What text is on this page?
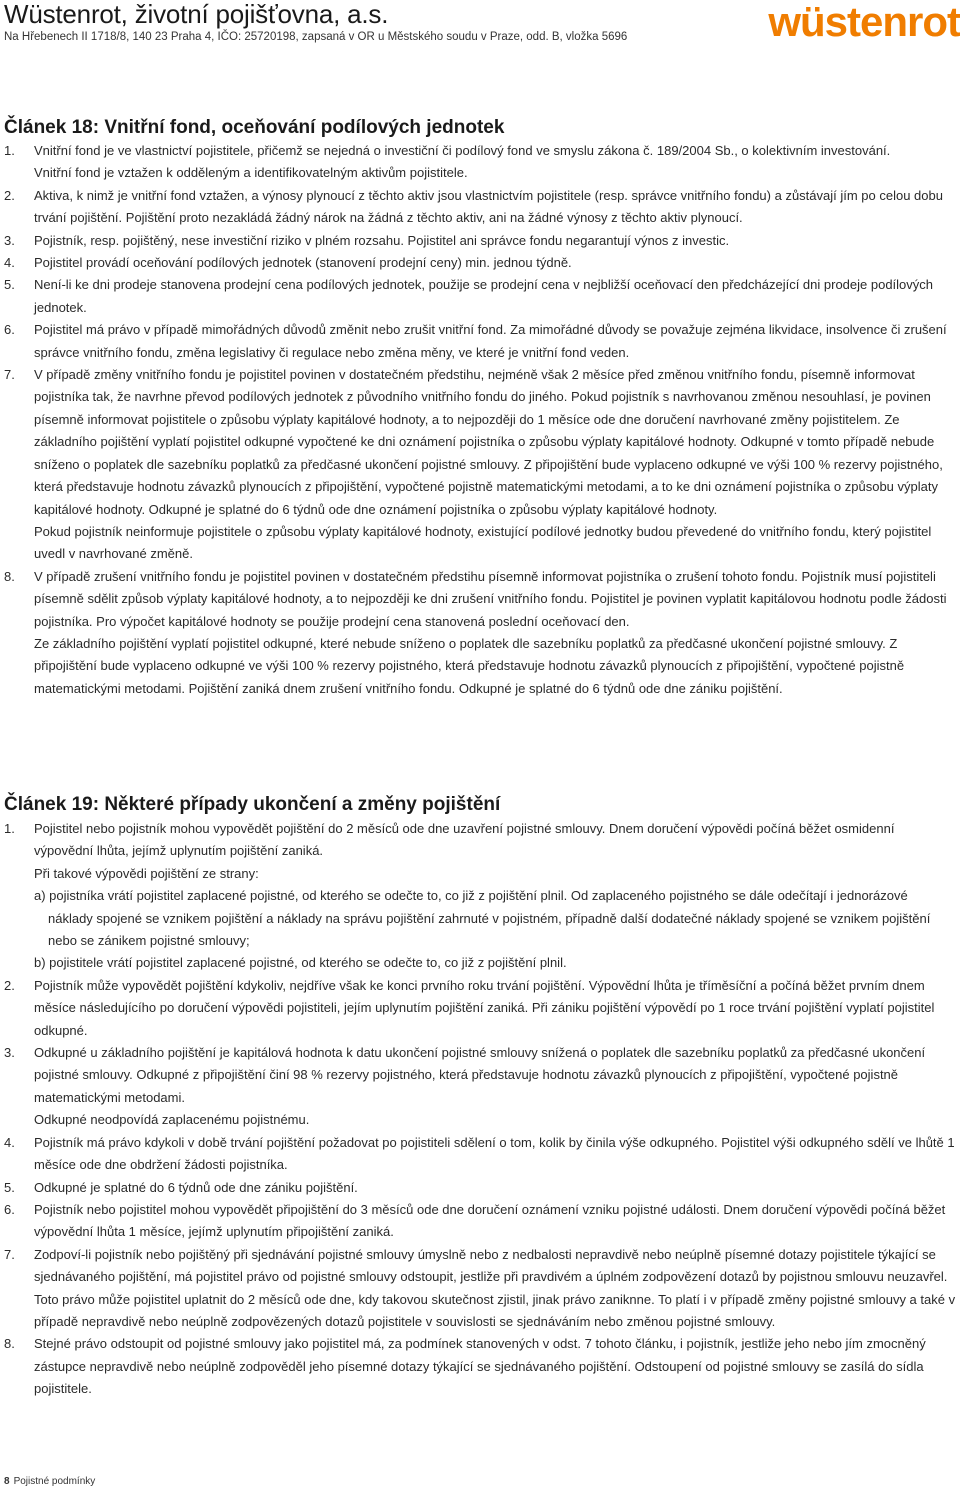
Wüstenrot, životní pojišťovna, a.s.
Na Hřebenech II 1718/8, 140 23 Praha 4, IČO: 25720198, zapsaná v OR u Městského soudu v Praze, odd. B, vložka 5696	wüstenrot
Článek 18: Vnitřní fond, oceňování podílových jednotek
1. Vnitřní fond je ve vlastnictví pojistitele, přičemž se nejedná o investiční či podílový fond ve smyslu zákona č. 189/2004 Sb., o kolektivním investování.
Vnitřní fond je vztažen k odděleným a identifikovatelným aktivům pojistitele.
2. Aktiva, k nimž je vnitřní fond vztažen, a výnosy plynoucí z těchto aktiv jsou vlastnictvím pojistitele (resp. správce vnitřního fondu) a zůstávají jím po celou dobu trvání pojištění. Pojištění proto nezakládá žádný nárok na žádná z těchto aktiv, ani na žádné výnosy z těchto aktiv plynoucí.
3. Pojistník, resp. pojištěný, nese investiční riziko v plném rozsahu. Pojistitel ani správce fondu negarantují výnos z investic.
4. Pojistitel provádí oceňování podílových jednotek (stanovení prodejní ceny) min. jednou týdně.
5. Není-li ke dni prodeje stanovena prodejní cena podílových jednotek, použije se prodejní cena v nejbližší oceňovací den předcházející dni prodeje podílových jednotek.
6. Pojistitel má právo v případě mimořádných důvodů změnit nebo zrušit vnitřní fond. Za mimořádné důvody se považuje zejména likvidace, insolvence či zrušení správce vnitřního fondu, změna legislativy či regulace nebo změna měny, ve které je vnitřní fond veden.
7. V případě změny vnitřního fondu je pojistitel povinen v dostatečném předstihu, nejméně však 2 měsíce před změnou vnitřního fondu, písemně informovat pojistníka tak, že navrhne převod podílových jednotek z původního vnitřního fondu do jiného. Pokud pojistník s navrhovanou změnou nesouhlasí, je povinen písemně informovat pojistitele o způsobu výplaty kapitálové hodnoty, a to nejpozději do 1 měsíce ode dne doručení navrhované změny pojistitelem. Ze základního pojištění vyplatí pojistitel odkupné vypočtené ke dni oznámení pojistníka o způsobu výplaty kapitálové hodnoty. Odkupné v tomto případě nebude sníženo o poplatek dle sazebníku poplatků za předčasné ukončení pojistné smlouvy. Z připojištění bude vyplaceno odkupné ve výši 100 % rezervy pojistného, která představuje hodnotu závazků plynoucích z připojištění, vypočtené pojistně matematickými metodami, a to ke dni oznámení pojistníka o způsobu výplaty kapitálové hodnoty. Odkupné je splatné do 6 týdnů ode dne oznámení pojistníka o způsobu výplaty kapitálové hodnoty.
Pokud pojistník neinformuje pojistitele o způsobu výplaty kapitálové hodnoty, existující podílové jednotky budou převedené do vnitřního fondu, který pojistitel uvedl v navrhované změně.
8. V případě zrušení vnitřního fondu je pojistitel povinen v dostatečném předstihu písemně informovat pojistníka o zrušení tohoto fondu. Pojistník musí pojistiteli písemně sdělit způsob výplaty kapitálové hodnoty, a to nejpozději ke dni zrušení vnitřního fondu. Pojistitel je povinen vyplatit kapitálovou hodnotu podle žádosti pojistníka. Pro výpočet kapitálové hodnoty se použije prodejní cena stanovená poslední oceňovací den.
Ze základního pojištění vyplatí pojistitel odkupné, které nebude sníženo o poplatek dle sazebníku poplatků za předčasné ukončení pojistné smlouvy. Z připojištění bude vyplaceno odkupné ve výši 100 % rezervy pojistného, která představuje hodnotu závazků plynoucích z připojištění, vypočtené pojistně matematickými metodami. Pojištění zaniká dnem zrušení vnitřního fondu. Odkupné je splatné do 6 týdnů ode dne zániku pojištění.
Článek 19: Některé případy ukončení a změny pojištění
1. Pojistitel nebo pojistník mohou vypovědět pojištění do 2 měsíců ode dne uzavření pojistné smlouvy. Dnem doručení výpovědi počíná běžet osmidenní výpovědní lhůta, jejímž uplynutím pojištění zaniká.
Při takové výpovědi pojištění ze strany:
a) pojistníka vrátí pojistitel zaplacené pojistné, od kterého se odečte to, co již z pojištění plnil. Od zaplaceného pojistného se dále odečítají i jednorázové náklady spojené se vznikem pojištění a náklady na správu pojištění zahrnuté v pojistném, případně další dodatečné náklady spojené se vznikem pojištění nebo se zánikem pojistné smlouvy;
b) pojistitele vrátí pojistitel zaplacené pojistné, od kterého se odečte to, co již z pojištění plnil.
2. Pojistník může vypovědět pojištění kdykoliv, nejdříve však ke konci prvního roku trvání pojištění. Výpovědní lhůta je tříměsíční a počíná běžet prvním dnem měsíce následujícího po doručení výpovědi pojistiteli, jejím uplynutím pojištění zaniká. Při zániku pojištění výpovědí po 1 roce trvání pojištění vyplatí pojistitel odkupné.
3. Odkupné u základního pojištění je kapitálová hodnota k datu ukončení pojistné smlouvy snížená o poplatek dle sazebníku poplatků za předčasné ukončení pojistné smlouvy. Odkupné z připojištění činí 98 % rezervy pojistného, která představuje hodnotu závazků plynoucích z připojištění, vypočtené pojistně matematickými metodami.
Odkupné neodpovídá zaplacenému pojistnému.
4. Pojistník má právo kdykoli v době trvání pojištění požadovat po pojistiteli sdělení o tom, kolik by činila výše odkupného. Pojistitel výši odkupného sdělí ve lhůtě 1 měsíce ode dne obdržení žádosti pojistníka.
5. Odkupné je splatné do 6 týdnů ode dne zániku pojištění.
6. Pojistník nebo pojistitel mohou vypovědět připojištění do 3 měsíců ode dne doručení oznámení vzniku pojistné události. Dnem doručení výpovědi počíná běžet výpovědní lhůta 1 měsíce, jejímž uplynutím připojištění zaniká.
7. Zodpoví-li pojistník nebo pojištěný při sjednávání pojistné smlouvy úmyslně nebo z nedbalosti nepravdivě nebo neúplně písemné dotazy pojistitele týkající se sjednávaného pojištění, má pojistitel právo od pojistné smlouvy odstoupit, jestliže při pravdivém a úplném zodpovězení dotazů by pojistnou smlouvu neuzavřel. Toto právo může pojistitel uplatnit do 2 měsíců ode dne, kdy takovou skutečnost zjistil, jinak právo zaniknne. To platí i v případě změny pojistné smlouvy a také v případě nepravdivě nebo neúplně zodpovězených dotazů pojistitele v souvislosti se sjednáváním nebo změnou pojistné smlouvy.
8. Stejné právo odstoupit od pojistné smlouvy jako pojistitel má, za podmínek stanovených v odst. 7 tohoto článku, i pojistník, jestliže jeho nebo jím zmocněný zástupce nepravdivě nebo neúplně zodpověděl jeho písemné dotazy týkající se sjednávaného pojištění. Odstoupení od pojistné smlouvy se zasílá do sídla pojistitele.
8 Pojistné podmínky
